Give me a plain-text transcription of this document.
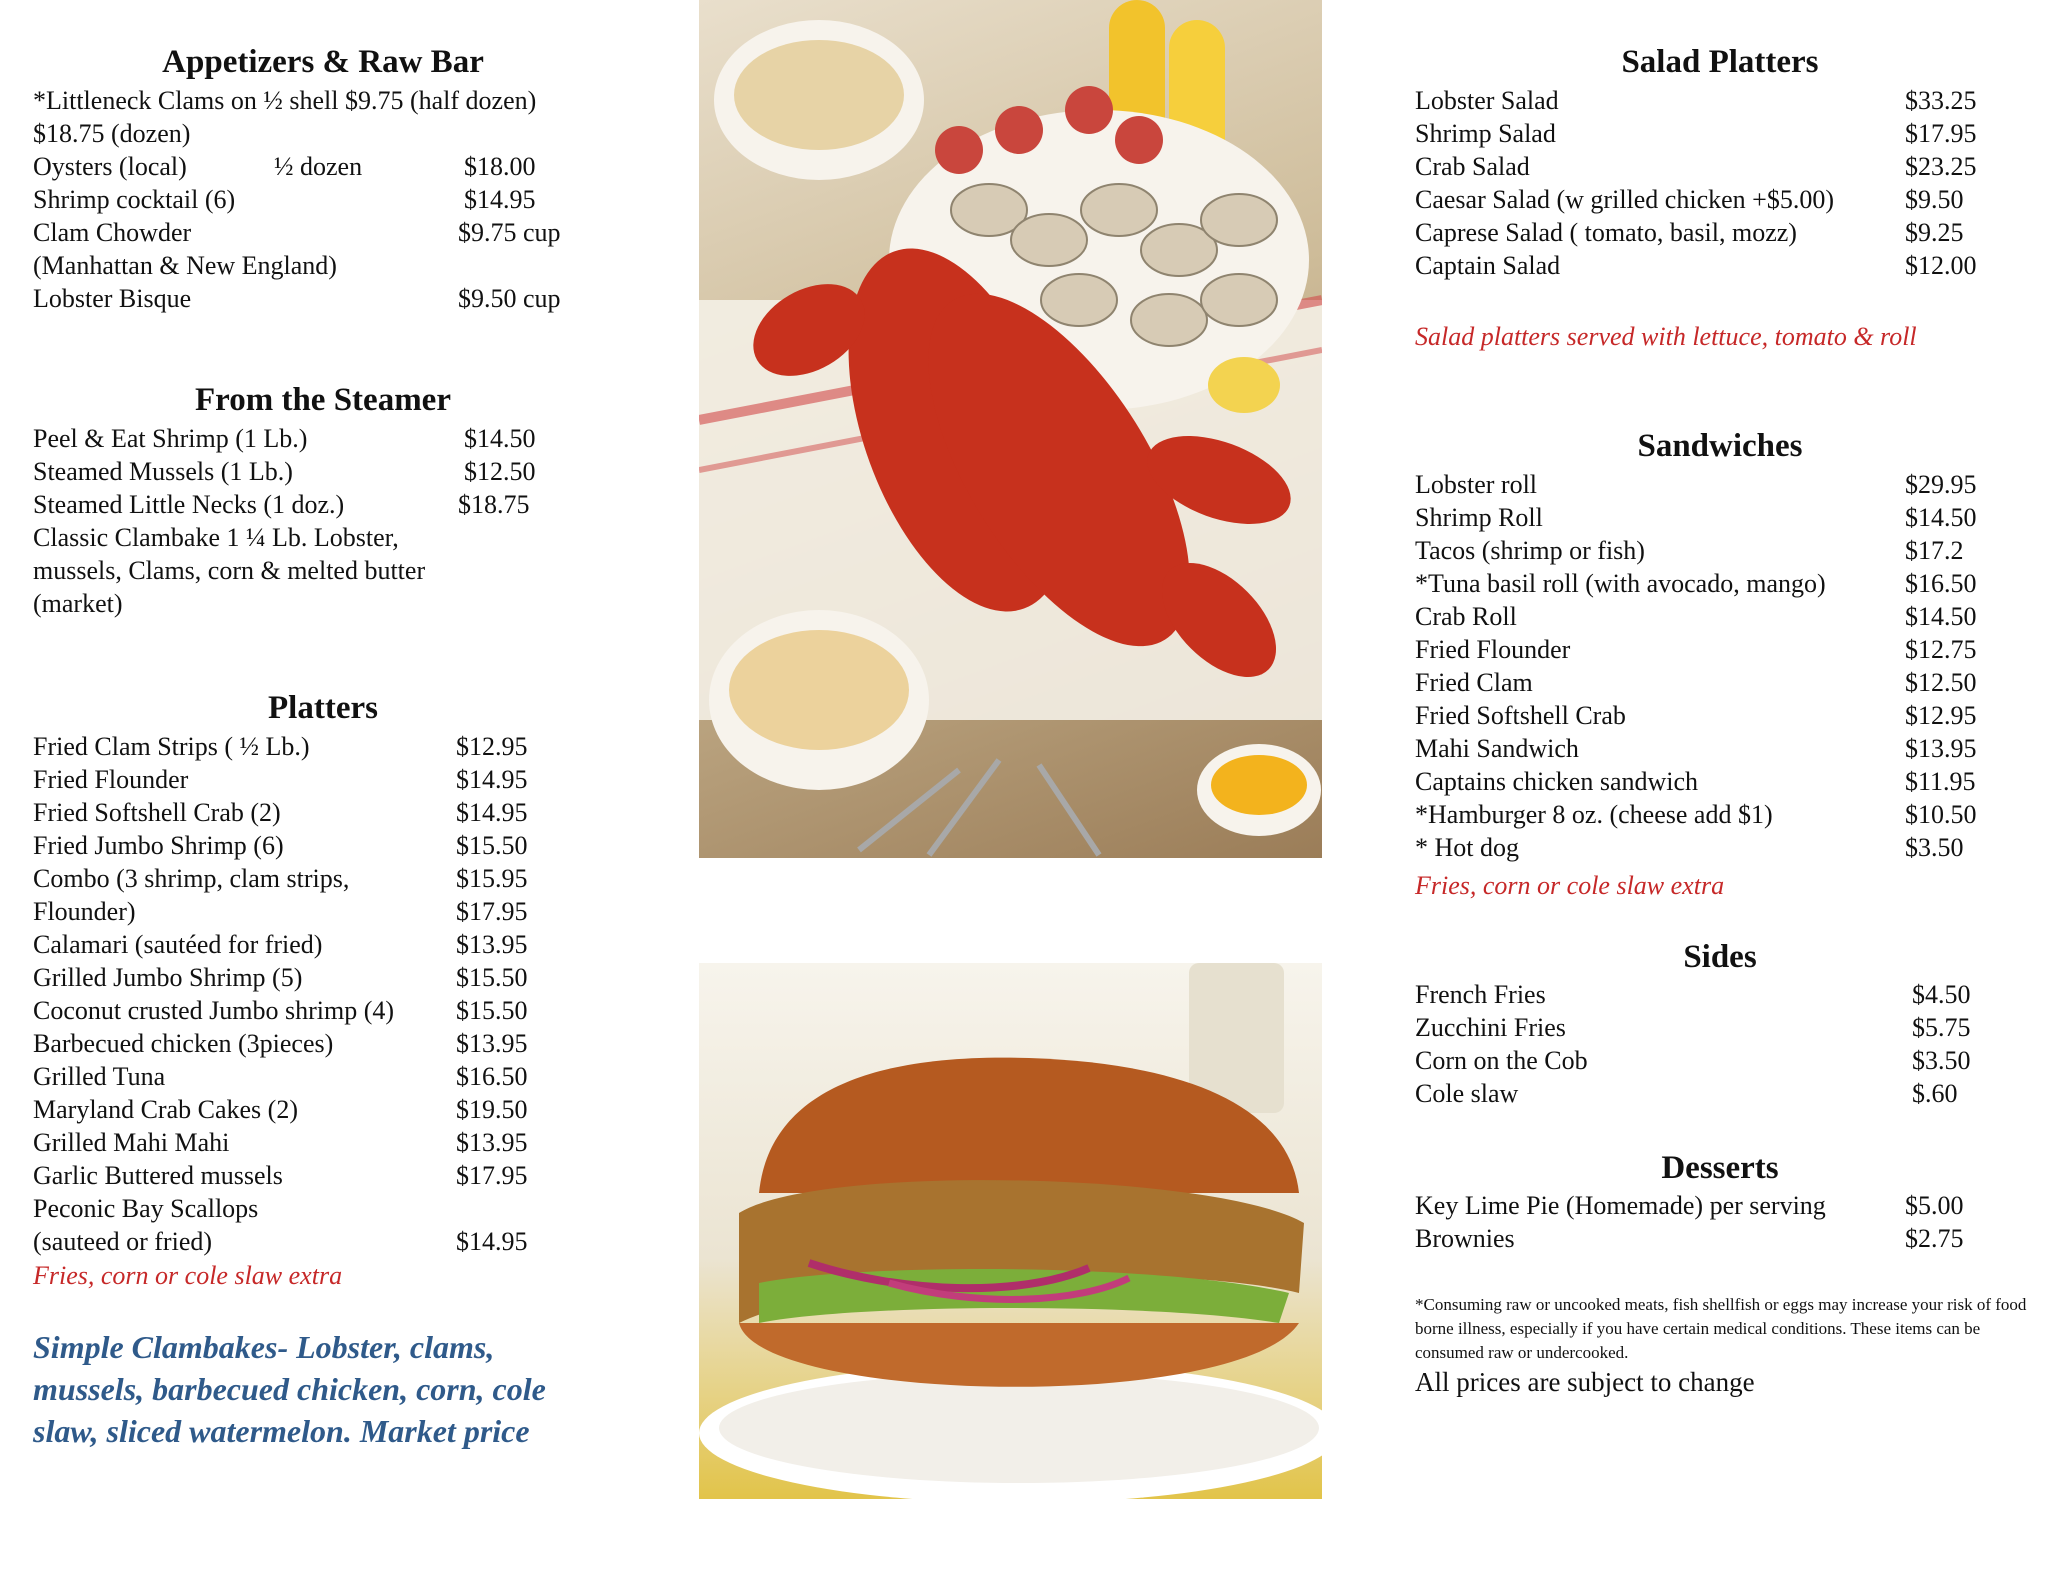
Appetizers & Raw Bar
*Littleneck Clams on ½ shell $9.75 (half dozen)
$18.75 (dozen)
Oysters (local)	½ dozen	$18.00
Shrimp cocktail (6)	$14.95
Clam Chowder	$9.75 cup
(Manhattan & New England)
Lobster Bisque	$9.50 cup
From the Steamer
Peel & Eat Shrimp (1 Lb.)	$14.50
Steamed Mussels (1 Lb.)	$12.50
Steamed Little Necks (1 doz.)	$18.75
Classic Clambake 1 ¼ Lb. Lobster,
mussels, Clams, corn & melted butter
(market)
Platters
Fried Clam Strips ( ½ Lb.)	$12.95
Fried Flounder	$14.95
Fried Softshell Crab (2)	$14.95
Fried Jumbo Shrimp (6)	$15.50
Combo (3 shrimp, clam strips,	$15.95
Flounder)	$17.95
Calamari (sautéed for fried)	$13.95
Grilled Jumbo Shrimp (5)	$15.50
Coconut crusted Jumbo shrimp (4) $15.50
Barbecued chicken (3pieces)	$13.95
Grilled Tuna	$16.50
Maryland Crab Cakes (2)	$19.50
Grilled Mahi Mahi	$13.95
Garlic Buttered mussels	$17.95
Peconic Bay Scallops
(sauteed or fried)	$14.95
Fries, corn or cole slaw extra
Simple Clambakes- Lobster, clams, mussels, barbecued chicken, corn, cole slaw, sliced watermelon. Market price
Salad Platters
Lobster Salad	$33.25
Shrimp Salad	$17.95
Crab Salad	$23.25
Caesar Salad (w grilled chicken +$5.00)	$9.50
Caprese Salad ( tomato, basil, mozz)	$9.25
Captain Salad	$12.00
Salad platters served with lettuce, tomato & roll
Sandwiches
Lobster roll	$29.95
Shrimp Roll	$14.50
Tacos (shrimp or fish)	$17.2
*Tuna basil roll (with avocado, mango)	$16.50
Crab Roll	$14.50
Fried Flounder	$12.75
Fried Clam	$12.50
Fried Softshell Crab	$12.95
Mahi Sandwich	$13.95
Captains chicken sandwich	$11.95
*Hamburger 8 oz. (cheese add $1)	$10.50
* Hot dog	$3.50
Fries, corn or cole slaw extra
Sides
French Fries	$4.50
Zucchini Fries	$5.75
Corn on the Cob	$3.50
Cole slaw	$.60
Desserts
Key Lime Pie (Homemade) per serving	$5.00
Brownies	$2.75
*Consuming raw or uncooked meats, fish shellfish or eggs may increase your risk of food borne illness, especially if you have certain medical conditions. These items can be consumed raw or undercooked.
All prices are subject to change
